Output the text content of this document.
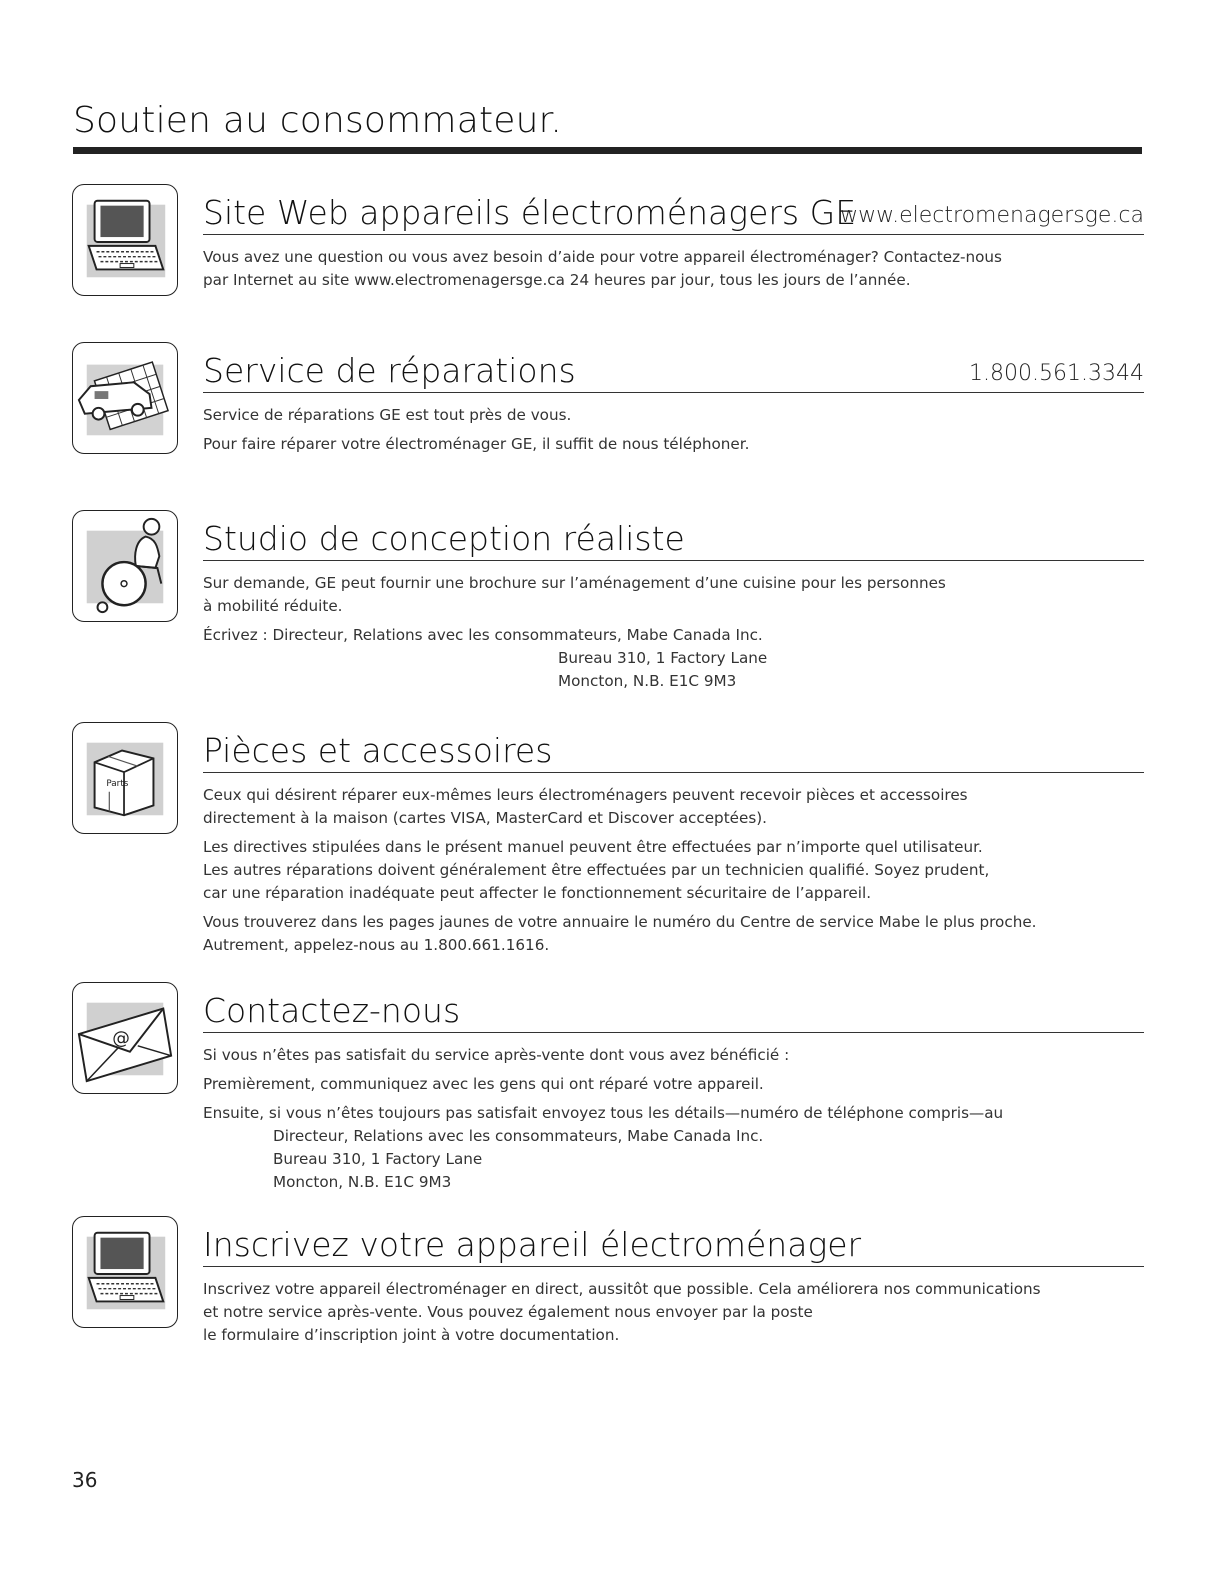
Soutien au consommateur.
Site Web appareils électroménagers GE
www.electromenagersge.ca

Vous avez une question ou vous avez besoin d’aide pour votre appareil électroménager? Contactez-nous
par Internet au site www.electromenagersge.ca 24 heures par jour, tous les jours de l’année.

Service de réparations	1.800.561.3344

Service de réparations GE est tout près de vous.

Pour faire réparer votre électroménager GE, il suffit de nous téléphoner.

Studio de conception réaliste

Sur demande, GE peut fournir une brochure sur l’aménagement d’une cuisine pour les personnes
à mobilité réduite.

Écrivez : Directeur, Relations avec les consommateurs, Mabe Canada Inc.

Bureau 310, 1 Factory Lane
Moncton, N.B. E1C 9M3
Parts
Pièces et accessoires

Ceux qui désirent réparer eux-mêmes leurs électroménagers peuvent recevoir pièces et accessoires
directement à la maison (cartes VISA, MasterCard et Discover acceptées).

Les directives stipulées dans le présent manuel peuvent être effectuées par n’importe quel utilisateur.
Les autres réparations doivent généralement être effectuées par un technicien qualifié. Soyez prudent,
car une réparation inadéquate peut affecter le fonctionnement sécuritaire de l’appareil.

Vous trouverez dans les pages jaunes de votre annuaire le numéro du Centre de service Mabe le plus proche.
Autrement, appelez-nous au 1.800.661.1616.

@
Contactez-nous

Si vous n’êtes pas satisfait du service après-vente dont vous avez bénéficié :

Premièrement, communiquez avec les gens qui ont réparé votre appareil.

Ensuite, si vous n’êtes toujours pas satisfait envoyez tous les détails—numéro de téléphone compris—au

Directeur, Relations avec les consommateurs, Mabe Canada Inc.
Bureau 310, 1 Factory Lane
Moncton, N.B. E1C 9M3
Inscrivez votre appareil électroménager

Inscrivez votre appareil électroménager en direct, aussitôt que possible. Cela améliorera nos communications
et notre service après-vente. Vous pouvez également nous envoyer par la poste
le formulaire d’inscription joint à votre documentation.

36
